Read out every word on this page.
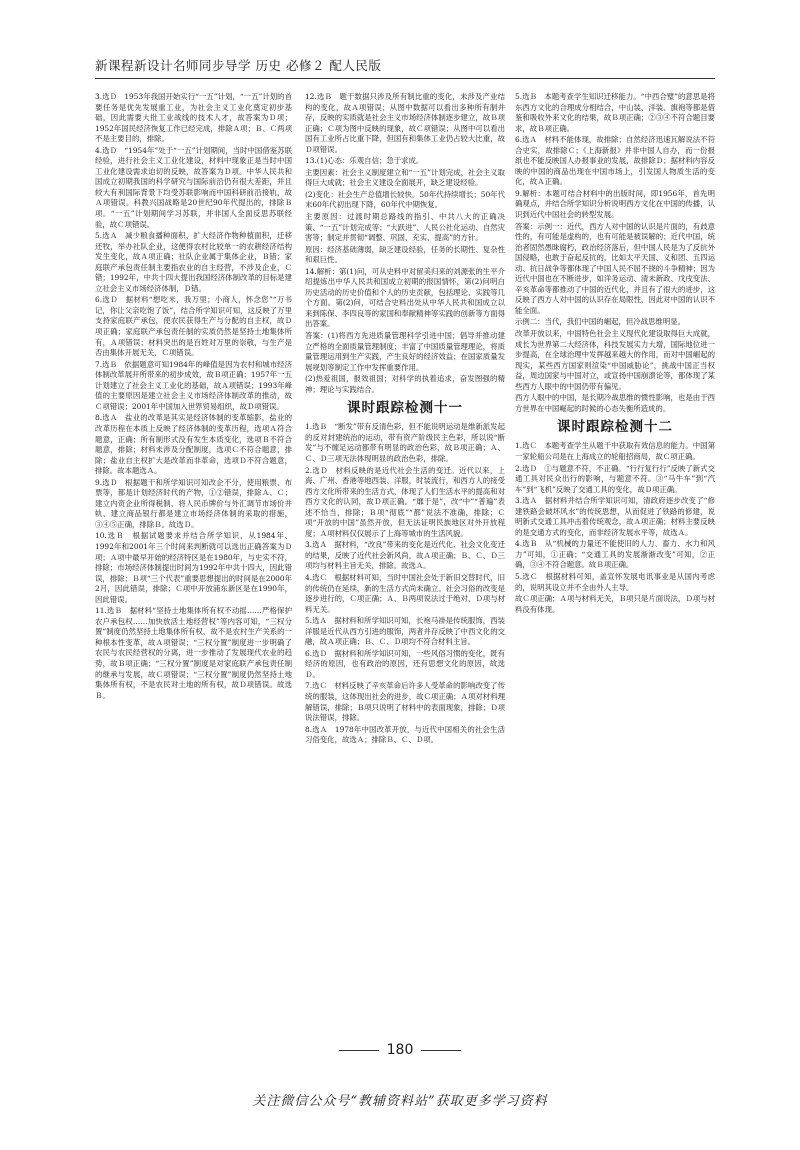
新课程新设计名师同步导学 历史 必修２ 配人民版

3.选Ｄ　1953年我国开始实行“一五”计划，“一五”计划的首要任务是优先发展重工业，为社会主义工业化奠定初步基础，因此需要大批工业战线的技术人才，故答案为Ｄ项；1952年国民经济恢复工作已经完成，排除Ａ项；Ｂ、Ｃ两项不是主要目的，排除。

4.选Ｄ　“1954年”处于“一五”计划期间，当时中国借鉴苏联经验，进行社会主义工业化建设，材料中现象正是当时中国工业化建设需求迫切的反映，故答案为Ｄ项。中华人民共和国成立初期我国的科学研究与国际前沿仍有很大差距，并且较大有利国际背景下均受苏联影响而中国科研前沿接轨，故Ａ项错误。科教兴国战略是20世纪90年代提出的，排除Ｂ项。“一五”计划期间学习苏联，并非国人全面反思苏联经验，故Ｃ项错误。

5.选Ａ　减少粮食播种面积，扩大经济作物种植面积，迁移还牧，举办社队企业，这便得农村比较单一的农耕经济结构发生变化，故Ａ项正确；社队企业属于集体企业，Ｂ错；家庭联产承包责任制主要指农业的自主经营，不涉及企业，Ｃ错；1992年，中共十四大提出我国经济体制改革的目标是建立社会主义市场经济体制，Ｄ错。

6.选Ｄ　据材料“想吃米，我万里；小商人，怀念您”“万书记，你让父亲吃饱了饭”，结合所学知识可知，这反映了万里支持家庭联产承包，使农民获得生产与分配的自主权，故Ｄ项正确；家庭联产承包责任制的实质仍然是坚持土地集体所有，Ａ项错误；材料突出的是百姓对万里的崇敬，与生产是否由集体开展无关，Ｃ项错误。

7.选Ｂ　依据题意可知1984年的峰值是因为农村和城市经济体制改革展开所带来的初步成效，故Ｂ项正确；1957年一五计划建立了社会主义工业化的基础，故Ａ项错误；1993年峰值的主要原因是建立社会主义市场经济体制改革的推动，故Ｃ项错误；2001年中国加入世界贸易组织，故Ｄ项错误。

8.选Ａ　盐业的改革是其实是经济体制的变革缩影，盐业的改革历程在本质上反映了经济体制的变革历程，选项Ａ符合题意，正确；所有制形式没有发生本质变化，选项Ｂ不符合题意，排除；材料未涉及分配制度，选项Ｃ不符合题意，排除；盐业自主权扩大是改革而非革命，选项Ｄ不符合题意，排除。故本题选Ａ。

9.选Ｄ　根据题干和所学知识可知改企不分，使用粮票、布票等，都是计划经济时代的产物，①②错误，排除Ａ、Ｃ；建立内资企业所得税制、将人民币牌价与外汇调节市场价并轨、建立商品银行都是建立市场经济体制的采取的措施，③④⑤正确，排除Ｂ。故选Ｄ。

10.选Ｂ　根据试题要求并结合所学知识，从1984年、1992年和2001年三个时间来判断就可以选出正确答案为Ｄ项；Ａ项中最早开始的经济特区是在1980年，与史实不符，排除；市场经济体制提出时间为1992年中共十四大，因此错误，排除；Ｂ项“三个代表”重要思想提出的时间是在2000年2月，因此错误，排除；Ｃ项中开放浦东新区是在1990年，因此错误。

11.选Ｂ　据材料“坚持土地集体所有权不动摇……严格保护农户承包权……加快放活土地经营权”等内容可知，“三权分置”制度仍然坚持土地集体所有权，故不是农村生产关系的一种根本性变革，故Ａ项错误；“三权分置”制度进一步明确了农民与农民经营权的分离，进一步推动了发展现代农业的趋势，故Ｂ项正确；“三权分置”制度是对家庭联产承包责任制的继承与发展，故Ｃ项错误；“三权分置”制度仍然坚持土地集体所有权，不是农民对土地的所有权，故Ｄ项错误。故选Ｂ。

12.选Ｂ　题干数据只涉及所有制比重的变化，未涉及产业结构的变化，故Ａ项错误；从图中数据可以看出多种所有制并存，反映的实质就是社会主义市场经济体制逐步建立，故Ｂ项正确；Ｃ项为图中反映的现象，故Ｃ项错误；从图中可以看出国有工业所占比重下降，但国有和集体工业仍占较大比重，故Ｄ项错误。

13.(1)心态：乐观自信；急于求成。

主要因素：社会主义制度建立和“一五”计划完成，社会主义取得巨大成就；社会主义建设全面展开，缺乏建设经验。

(2)变化：社会生产总值增长较快。50年代持续增长；50年代末60年代初出现下降，60年代中期恢复。

主要原因：过渡时期总路线的指引、中共八大的正确决策、“一五”计划完成等；“大跃进”、人民公社化运动、自然灾害等；制定并贯彻“调整、巩固、充实、提高”的方针。

原因：经济基础薄弱，缺乏建设经验，任务的长期性、复杂性和艰巨性。

14.解析：第(1)问，可从史料中对留美归来的刘源张的生平介绍提炼出中华人民共和国成立初期的报国情怀，第(2)问明白历史活动的历史价值和个人的历史贡献，包括理论、实践等几个方面。第(2)问，可结合史料出处从中华人民共和国成立以来到陈保、李四良等的家国和奉献精神等实践的创新等方面得出答案。

答案：(1)将西方先进质量管理科学引进中国；倡导并推动建立严格的全面质量管理制度；丰富了中国质量管理理论，将质量管理运用到生产实践，产生良好的经济效益；在国家质量发展规划等制定工作中发挥重要作用。

(2)热爱祖国，报效祖国；对科学的执着追求，奋发图强的精神；理论与实践结合。

课时跟踪检测十一

1.选Ｂ　“断发”带有反清色彩，但不能说明运动是维新派发起的反对封建统治的运动，带有资产阶级民主色彩，所以说“断发”与不缠足运动都带有明显的政治色彩，故Ｂ项正确；Ａ、Ｃ、Ｄ三项无法体现明显的政治色彩，排除。

2.选Ｄ　材料反映的是近代社会生活的变迁。近代以来，上海、广州、香港等地西装、洋服，时装流行，和西方人的接受西方文化所带来的生活方式，体现了人们生活水平的提高和对西方文化的认同，故Ｄ项正确。“靡于是”，改“中”“普遍”表述不恰当，排除；Ｂ项“彻底”“都”说法不准确，排除；Ｃ项“开放的中国”虽然开放，但无法证明民族地区对外开放程度；Ａ项材料仅仅展示了上海等城市的生活风貌。

3.选Ａ　据材料，“改良”带来的变化是近代化、社会文化变迁的结果，反映了近代社会新风尚，故Ａ项正确；Ｂ、Ｃ、Ｄ三项均与材料主旨无关，排除。故选Ａ。

4.选Ｃ　根据材料可知，当时中国社会处于新旧交替时代，旧的传统仍在延续，新的生活方式尚未确立。社会习俗的改变是逐步进行的，Ｃ项正确；Ａ、Ｂ两项说法过于绝对，Ｄ项与材料无关。

5.选Ａ　据材料和所学知识可知，长袍马褂是传统服饰，西装洋服是近代从西方引进的服饰，两者并存反映了中西文化的交融，故Ａ项正确；Ｂ、Ｃ、Ｄ项均不符合材料主旨。

6.选Ｄ　据材料和所学知识可知，一些风俗习惯的变化，既有经济的原因，也有政治的原因，还有思想文化的原因，故选Ｄ。

7.选Ｃ　材料反映了辛亥革命后许多人受革命的影响改变了传统的服装，这体现出社会的进步，故Ｃ项正确；Ａ项对材料理解错误，排除；Ｂ项只说明了材料中的表面现象，排除；Ｄ项说法错误，排除。

8.选Ａ　1978年中国改革开放，与近代中国相关的社会生活习俗变化，故选Ａ；排除Ｂ、Ｃ、Ｄ项。

5.选Ｂ　本题考查学生知识迁移能力。“中西合璧”的意思是将东西方文化的合理成分相结合，中山装、洋装、旗袍等都是借鉴和吸收外来文化的结果，故Ｂ项正确；②③④不符合题目要求，故Ｂ项正确。

6.选Ａ　材料不能体现，故排除；自然经济迅速瓦解说法不符合史实，故排除Ｃ；《上海新报》并非中国人自办，而一份报纸也不能反映国人办报事业的发展，故排除Ｄ；据材料内容反映的中国的商品出现在中国市场上，引发国人物质生活的变化，故Ａ正确。

9.解析：本题可结合材料中的出版时间，即1956年，首先明确观点，并结合所学知识分析说明西方文化在中国的传播，认识到近代中国社会的转型发展。

答案：示例一：近代，西方人对中国的认识是片面的，有歧意性的，有可能是虚构的，也有可能是被误解的；近代中国，统治者固然愚昧腐朽，政治经济落后，但中国人民是为了反抗外国侵略，也敢于奋起反抗的，比如太平天国、义和团、五四运动、抗日战争等都体现了中国人民不屈不挠的斗争精神；因为近代中国也在不断进步，如洋务运动、清末新政、戊戌变法、辛亥革命等都推动了中国的近代化，并且有了很大的进步，这反映了西方人对中国的认识存在局限性，因此对中国的认识不能全面。

示例二：当代，我们中国的崛起，但冷战思维明显。

改革开放以来，中国特色社会主义现代化建设取得巨大成就，成长为世界第二大经济体，科技发展实力大增，国际地位进一步提高，在全球治理中发挥越来越大的作用，而对中国崛起的现实，某些西方国家则渲染“中国威胁论”，挑战中国正当权益，周边国家与中国对立，或宣扬中国崩溃论等，都体现了某些西方人眼中的中国仍带有偏见。

西方人眼中的中国，是长期冷战思维的惯性影响，也是由于西方世界在中国崛起的时候的心态失衡所造成的。

课时跟踪检测十二

1.选Ｃ　本题考查学生从题干中获取有效信息的能力。中国第一家轮船公司是在上海成立的轮船招商局，故Ｃ项正确。

2.选Ｄ　①与题意不符，不正确。“行行复行行”反映了新式交通工具对民众出行的影响，与题意不符。③“马牛车”到“汽车”到“飞机”反映了交通工具的变化，故Ｄ项正确。

3.选Ａ　据材料并结合所学知识可知，清政府逐步改变了“修建铁路会破坏风水”的传统思想，从而促进了铁路的修建，说明新式交通工具冲击着传统观念，故Ａ项正确；材料主要反映的是交通方式的变化，而非经济发展水平等，故选Ａ。

4.选Ｂ　从“机械的力量还不能使旧的人力、畜力、水力和风力”可知，①正确；“交通工具的发展渐渐改变”可知，②正确，③④不符合题意。故Ｂ项正确。

5.选Ｃ　根据材料可知，盖宣怀发展电讯事业是从国内考虑的，说明其设立并不全由外人主导。

故Ｃ项正确；Ａ项与材料无关，Ｂ项只是片面说法，Ｄ项与材料没有体现。

180
关注微信公众号“教辅资料站”获取更多学习资料
